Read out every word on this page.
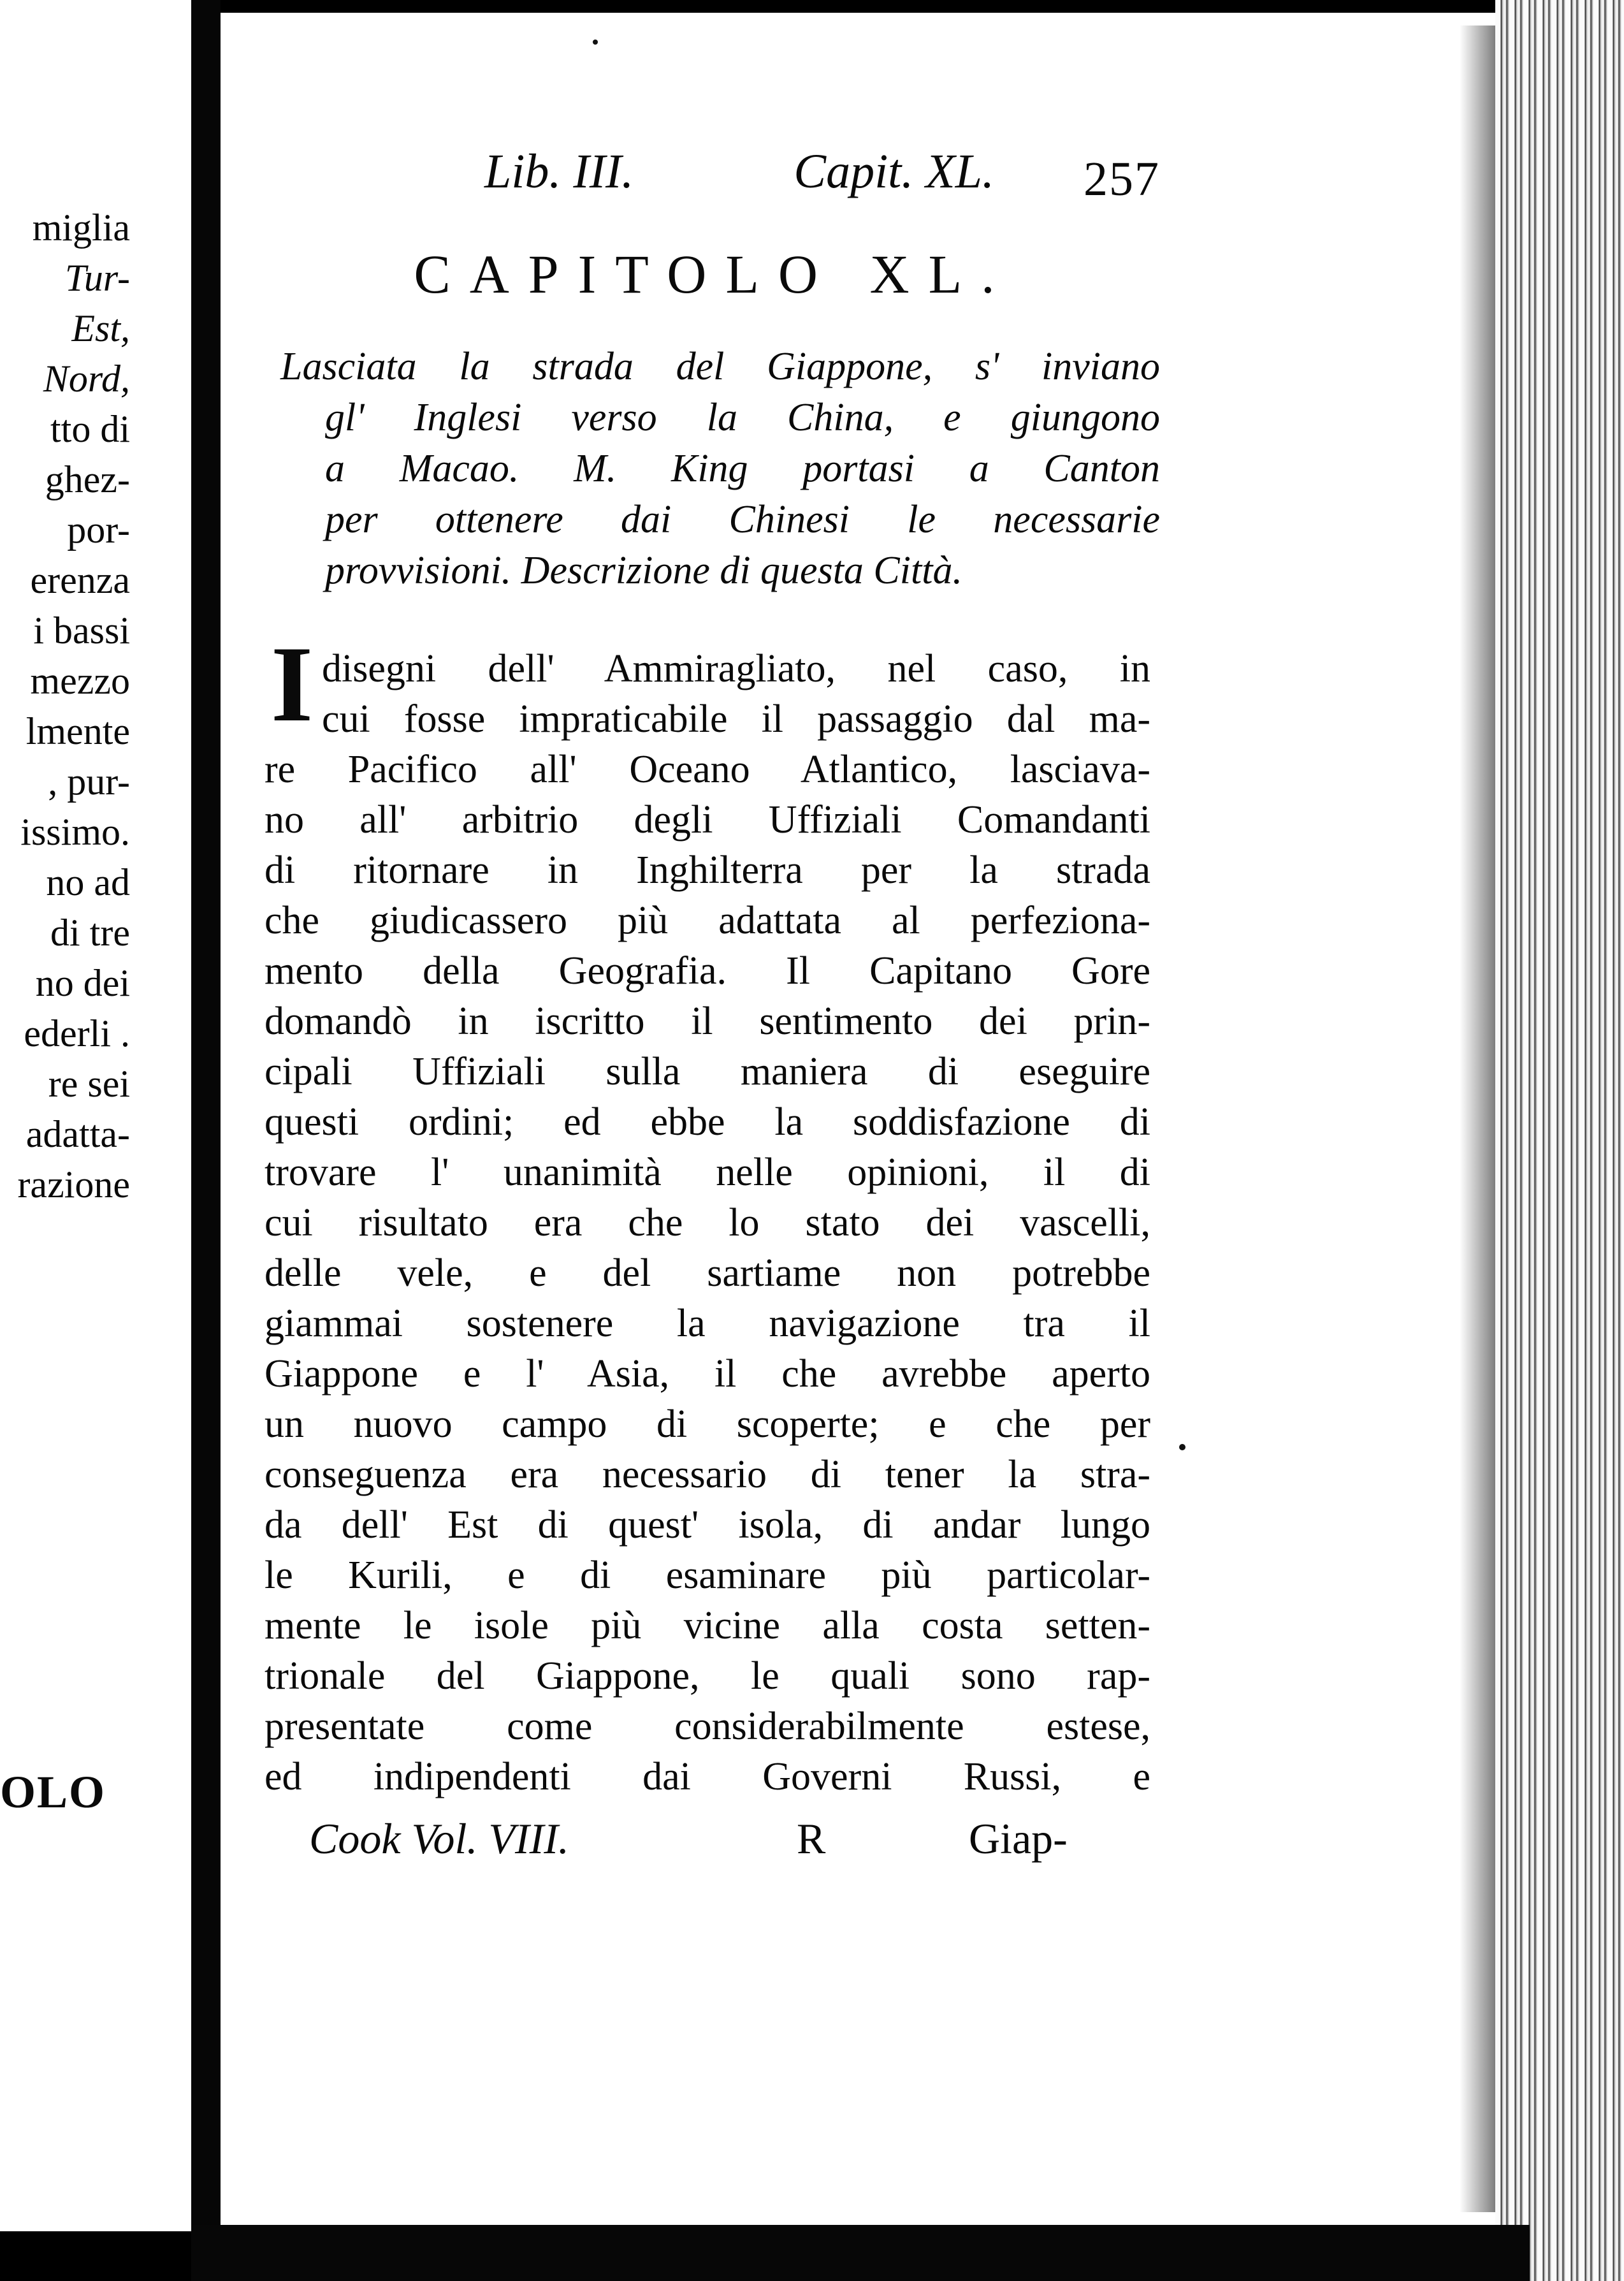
miglia
Tur-
Est,
Nord,
tto di
ghez-
por-
erenza
i bassi
mezzo
lmente
, pur-
issimo.
no ad
di tre
no dei
ederli .
re sei
adatta-
razione
OLO
Lib. III.	Capit. XL. 257
CAPITOLO XL.
Lasciata la strada del Giappone, s' inviano
gl' Inglesi verso la China, e giungono
a Macao. M. King portasi a Canton
per ottenere dai Chinesi le necessarie
provvisioni. Descrizione di questa Città.
I disegni dell' Ammiragliato, nel caso, in
cui fosse impraticabile il passaggio dal ma-
re Pacifico all' Oceano Atlantico, lasciava-
no all' arbitrio degli Uffiziali Comandanti
di ritornare in Inghilterra per la strada
che giudicassero più adattata al perfeziona-
mento della Geografia. Il Capitano Gore
domandò in iscritto il sentimento dei prin-
cipali Uffiziali sulla maniera di eseguire
questi ordini; ed ebbe la soddisfazione di
trovare l' unanimità nelle opinioni, il di
cui risultato era che lo stato dei vascelli,
delle vele, e del sartiame non potrebbe
giammai sostenere la navigazione tra il
Giappone e l' Asia, il che avrebbe aperto
un nuovo campo di scoperte; e che per
conseguenza era necessario di tener la stra-
da dell' Est di quest' isola, di andar lungo
le Kurili, e di esaminare più particolar-
mente le isole più vicine alla costa setten-
trionale del Giappone, le quali sono rap-
presentate come considerabilmente estese,
ed indipendenti dai Governi Russi, e
Cook Vol. VIII.	R	Giap-
